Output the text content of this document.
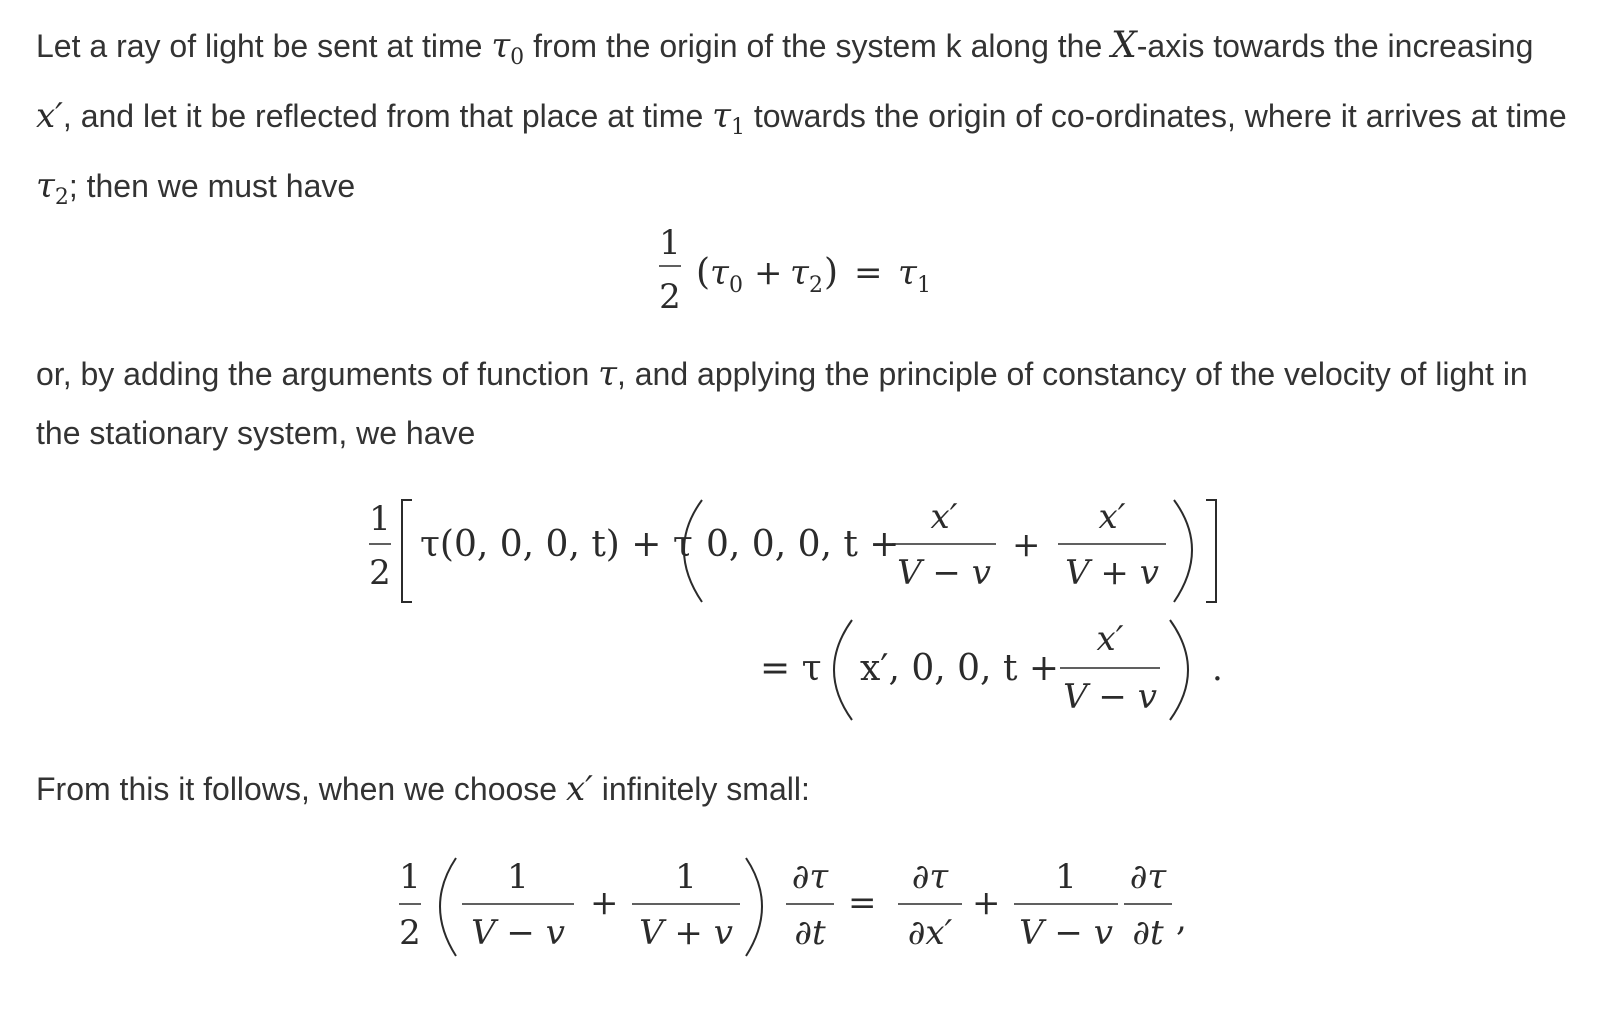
Let a ray of light be sent at time $\tau_0$ from the origin of the system k along the X-axis towards the increasing x′, and let it be reflected from that place at time $\tau_1$ towards the origin of co-ordinates, where it arrives at time $\tau_2$; then we must have

1
2
( τ 0 + τ 2 ) = τ 1

or, by adding the arguments of function τ, and applying the principle of constancy of the velocity of light in the stationary system, we have

1
2
τ(0, 0, 0, t) + τ 0, 0, 0, t +
x′
V − v
+
x′
V + v
= τ x′, 0, 0, t +
x′
V − v
.

From this it follows, when we choose x′ infinitely small:

1
2
1
V − v
+
1
V + v
∂τ
∂t
=
∂τ
∂x′
+
1
V − v
∂τ
∂t ,
